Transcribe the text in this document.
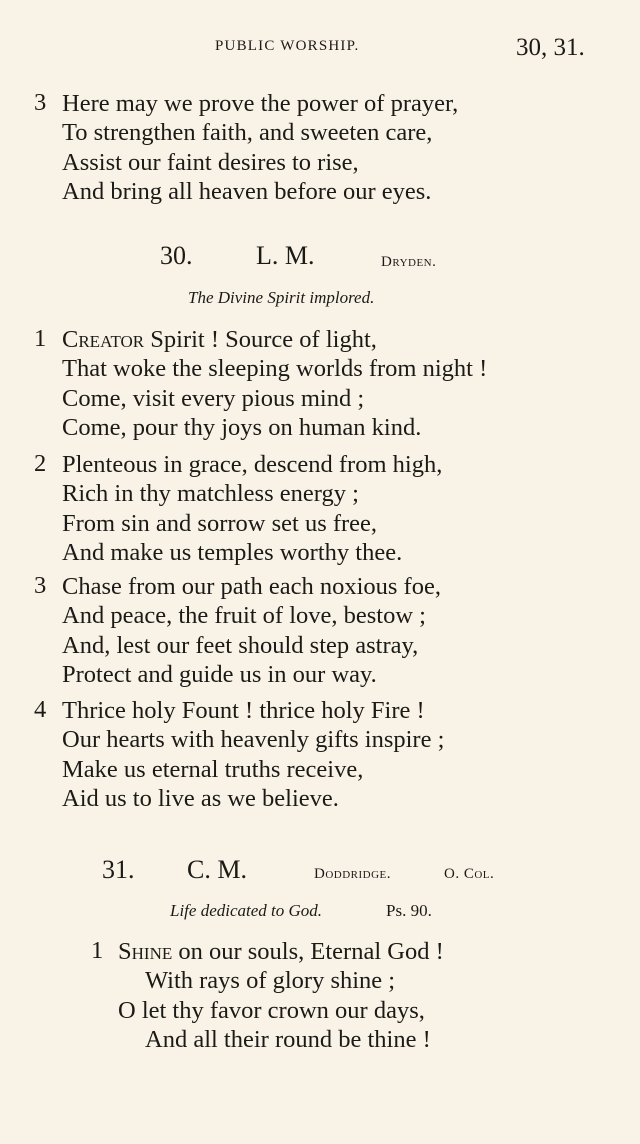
PUBLIC WORSHIP.	30, 31.
3 Here may we prove the power of prayer,
To strengthen faith, and sweeten care,
Assist our faint desires to rise,
And bring all heaven before our eyes.
30. L. M.	Dryden.
The Divine Spirit implored.
1 Creator Spirit ! Source of light,
That woke the sleeping worlds from night !
Come, visit every pious mind ;
Come, pour thy joys on human kind.
2 Plenteous in grace, descend from high,
Rich in thy matchless energy ;
From sin and sorrow set us free,
And make us temples worthy thee.
3 Chase from our path each noxious foe,
And peace, the fruit of love, bestow ;
And, lest our feet should step astray,
Protect and guide us in our way.
4 Thrice holy Fount ! thrice holy Fire !
Our hearts with heavenly gifts inspire ;
Make us eternal truths receive,
Aid us to live as we believe.
31. C. M.	Doddridge.	O. Col.
Life dedicated to God.	Ps. 90.
1 Shine on our souls, Eternal God !
With rays of glory shine ;
O let thy favor crown our days,
And all their round be thine !
